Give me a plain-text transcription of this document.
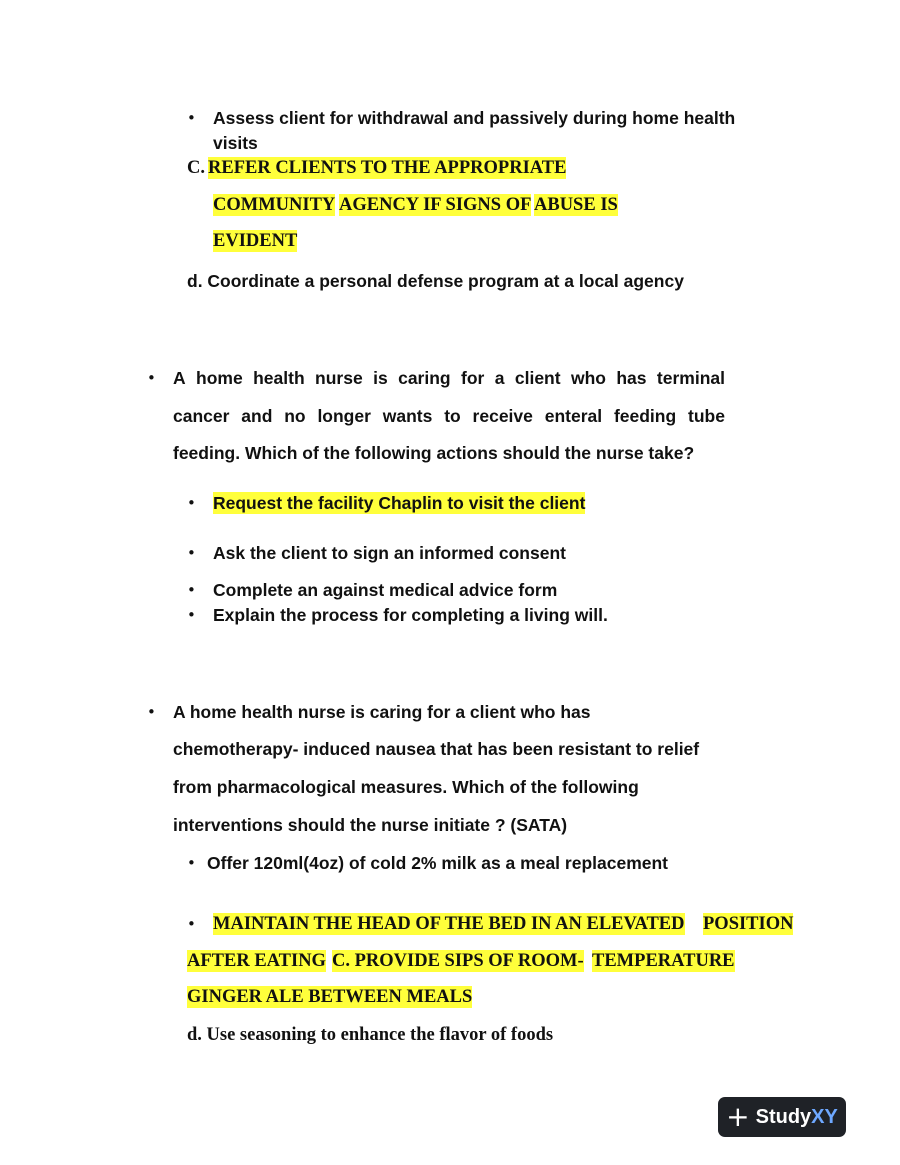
• Assess client for withdrawal and passively during home health
visits
C. REFER CLIENTS TO THE APPROPRIATE
COMMUNITY AGENCY IF SIGNS OF ABUSE IS
EVIDENT
d. Coordinate a personal defense program at a local agency
• A home health nurse is caring for a client who has terminal
cancer and no longer wants to receive enteral feeding tube
feeding. Which of the following actions should the nurse take?
• Request the facility Chaplin to visit the client
• Ask the client to sign an informed consent
• Complete an against medical advice form
• Explain the process for completing a living will.
• A home health nurse is caring for a client who has
chemotherapy- induced nausea that has been resistant to relief
from pharmacological measures. Which of the following
interventions should the nurse initiate ? (SATA)
• Offer 120ml(4oz) of cold 2% milk as a meal replacement
• MAINTAIN THE HEAD OF THE BED IN AN ELEVATED POSITION
AFTER EATING C. PROVIDE SIPS OF ROOM- TEMPERATURE
GINGER ALE BETWEEN MEALS
d. Use seasoning to enhance the flavor of foods
+ StudyXY
